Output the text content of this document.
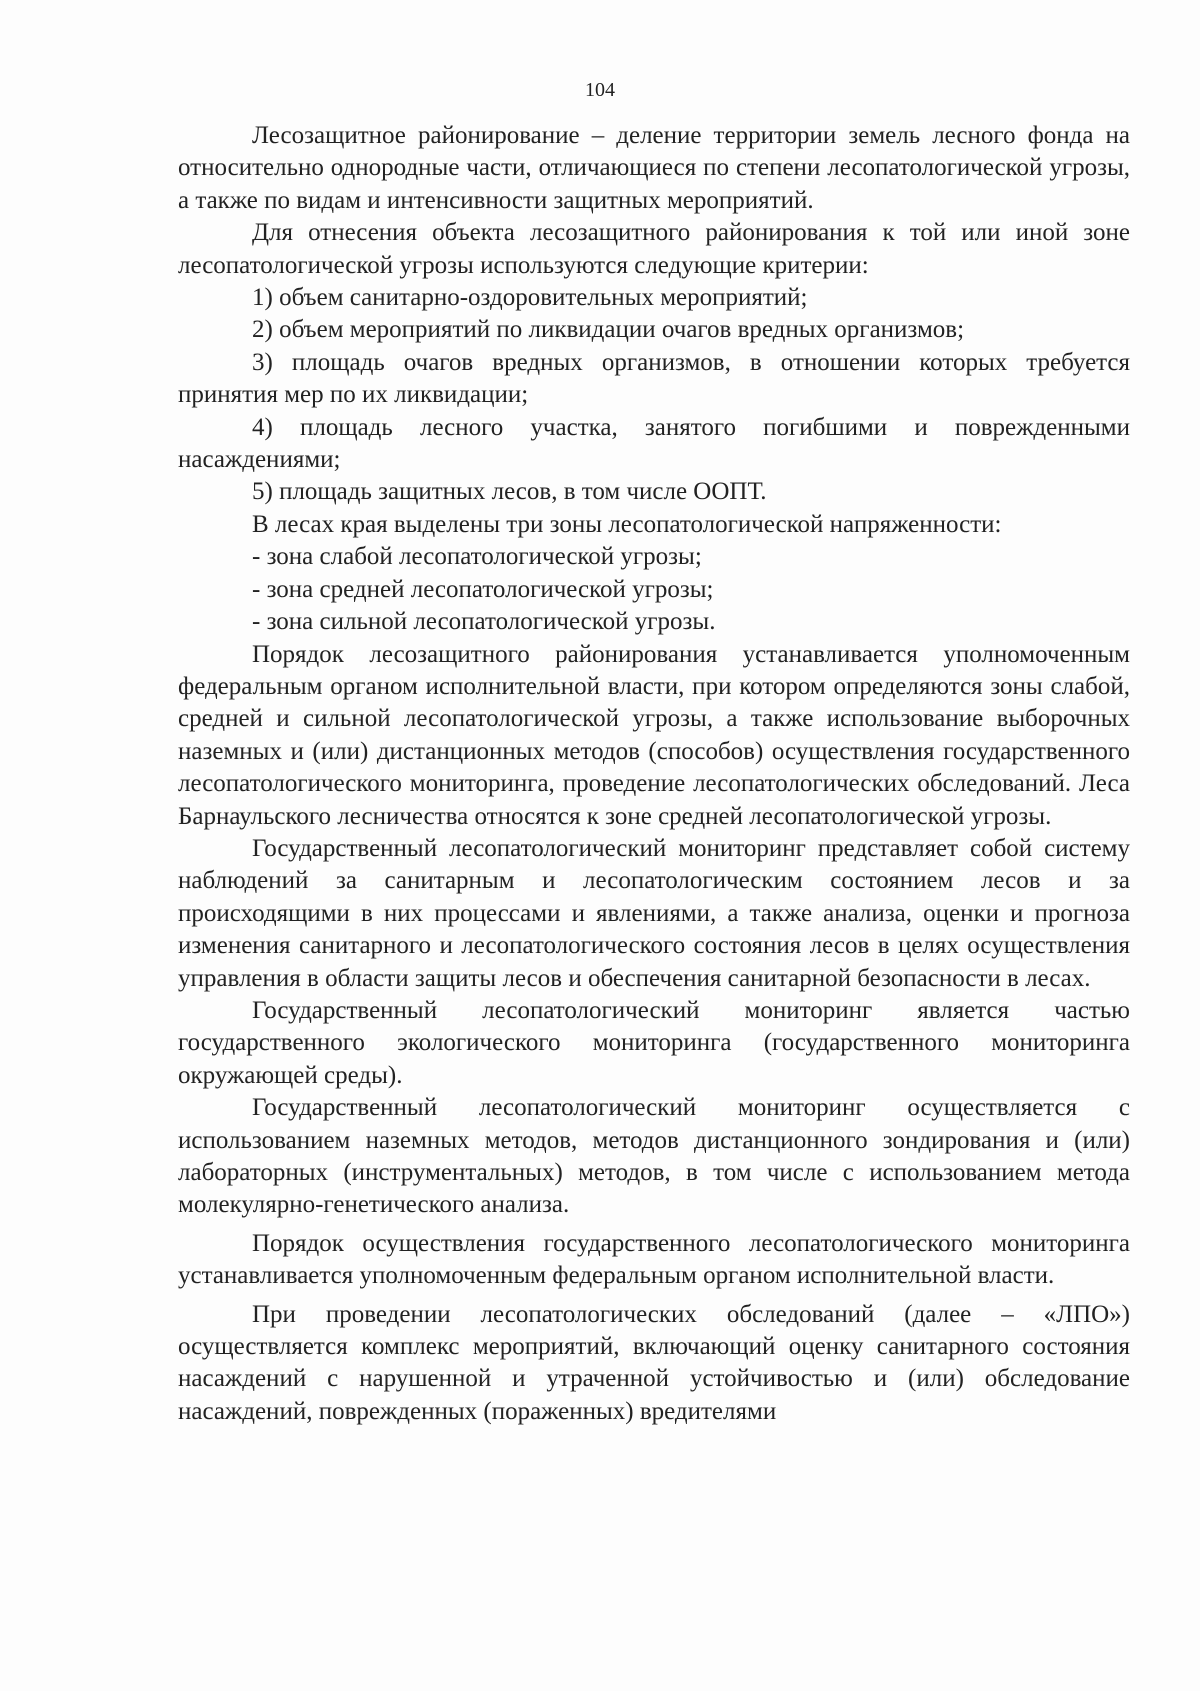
104

Лесозащитное районирование – деление территории земель лесного фонда на относительно однородные части, отличающиеся по степени лесопатологической угрозы, а также по видам и интенсивности защитных мероприятий.

Для отнесения объекта лесозащитного районирования к той или иной зоне лесопатологической угрозы используются следующие критерии:

1) объем санитарно-оздоровительных мероприятий;

2) объем мероприятий по ликвидации очагов вредных организмов;

3) площадь очагов вредных организмов, в отношении которых требуется принятия мер по их ликвидации;

4) площадь лесного участка, занятого погибшими и поврежденными насаждениями;

5) площадь защитных лесов, в том числе ООПТ.

В лесах края выделены три зоны лесопатологической напряженности:

- зона слабой лесопатологической угрозы;

- зона средней лесопатологической угрозы;

- зона сильной лесопатологической угрозы.

Порядок лесозащитного районирования устанавливается уполномоченным федеральным органом исполнительной власти, при котором определяются зоны слабой, средней и сильной лесопатологической угрозы, а также использование выборочных наземных и (или) дистанционных методов (способов) осуществления государственного лесопатологического мониторинга, проведение лесопатологических обследований. Леса Барнаульского лесничества относятся к зоне средней лесопатологической угрозы.

Государственный лесопатологический мониторинг представляет собой систему наблюдений за санитарным и лесопатологическим состоянием лесов и за происходящими в них процессами и явлениями, а также анализа, оценки и прогноза изменения санитарного и лесопатологического состояния лесов в целях осуществления управления в области защиты лесов и обеспечения санитарной безопасности в лесах.

Государственный лесопатологический мониторинг является частью государственного экологического мониторинга (государственного мониторинга окружающей среды).

Государственный лесопатологический мониторинг осуществляется с использованием наземных методов, методов дистанционного зондирования и (или) лабораторных (инструментальных) методов, в том числе с использованием метода молекулярно-генетического анализа.

Порядок осуществления государственного лесопатологического мониторинга устанавливается уполномоченным федеральным органом исполнительной власти.

При проведении лесопатологических обследований (далее – «ЛПО») осуществляется комплекс мероприятий, включающий оценку санитарного состояния насаждений с нарушенной и утраченной устойчивостью и (или) обследование насаждений, поврежденных (пораженных) вредителями
